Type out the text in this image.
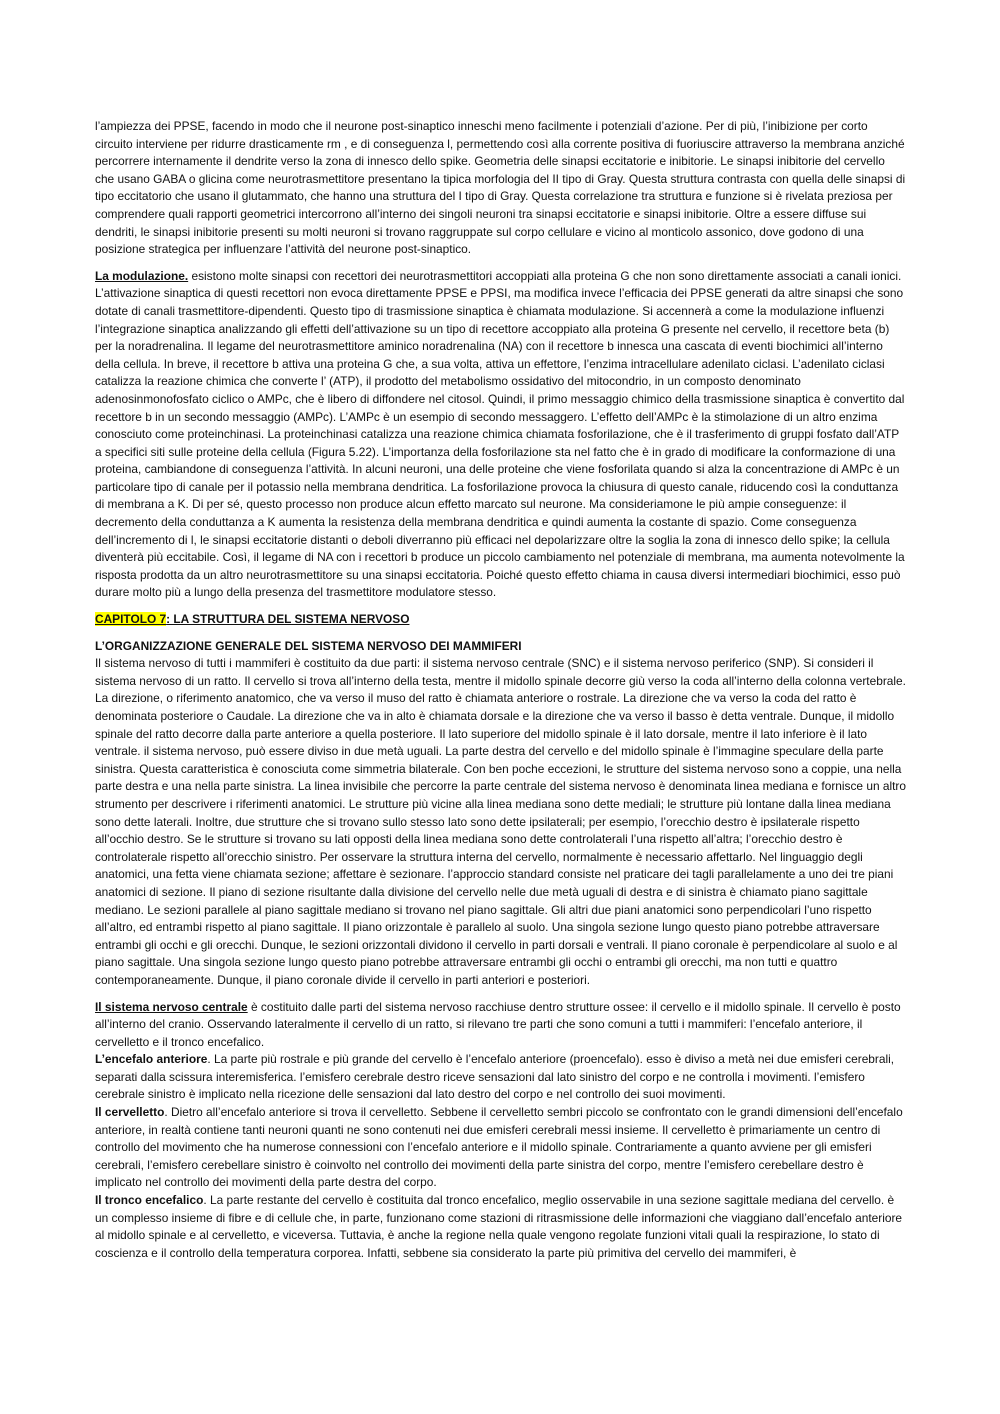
l’ampiezza dei PPSE, facendo in modo che il neurone post-sinaptico inneschi meno facilmente i potenziali d’azione. Per di più, l’inibizione per corto circuito interviene per ridurre drasticamente rm , e di conseguenza l, permettendo così alla corrente positiva di fuoriuscire attraverso la membrana anziché percorrere internamente il dendrite verso la zona di innesco dello spike. Geometria delle sinapsi eccitatorie e inibitorie. Le sinapsi inibitorie del cervello che usano GABA o glicina come neurotrasmettitore presentano la tipica morfologia del II tipo di Gray. Questa struttura contrasta con quella delle sinapsi di tipo eccitatorio che usano il glutammato, che hanno una struttura del I tipo di Gray. Questa correlazione tra struttura e funzione si è rivelata preziosa per comprendere quali rapporti geometrici intercorrono all’interno dei singoli neuroni tra sinapsi eccitatorie e sinapsi inibitorie. Oltre a essere diffuse sui dendriti, le sinapsi inibitorie presenti su molti neuroni si trovano raggruppate sul corpo cellulare e vicino al monticolo assonico, dove godono di una posizione strategica per influenzare l’attività del neurone post-sinaptico.

La modulazione. esistono molte sinapsi con recettori dei neurotrasmettitori accoppiati alla proteina G che non sono direttamente associati a canali ionici. L’attivazione sinaptica di questi recettori non evoca direttamente PPSE e PPSI, ma modifica invece l’efficacia dei PPSE generati da altre sinapsi che sono dotate di canali trasmettitore-dipendenti. Questo tipo di trasmissione sinaptica è chiamata modulazione. Si accennerà a come la modulazione influenzi l’integrazione sinaptica analizzando gli effetti dell’attivazione su un tipo di recettore accoppiato alla proteina G presente nel cervello, il recettore beta (b) per la noradrenalina. Il legame del neurotrasmettitore aminico noradrenalina (NA) con il recettore b innesca una cascata di eventi biochimici all’interno della cellula. In breve, il recettore b attiva una proteina G che, a sua volta, attiva un effettore, l’enzima intracellulare adenilato ciclasi. L’adenilato ciclasi catalizza la reazione chimica che converte l’ (ATP), il prodotto del metabolismo ossidativo del mitocondrio, in un composto denominato adenosinmonofosfato ciclico o AMPc, che è libero di diffondere nel citosol. Quindi, il primo messaggio chimico della trasmissione sinaptica è convertito dal recettore b in un secondo messaggio (AMPc). L’AMPc è un esempio di secondo messaggero. L’effetto dell’AMPc è la stimolazione di un altro enzima conosciuto come proteinchinasi. La proteinchinasi catalizza una reazione chimica chiamata fosforilazione, che è il trasferimento di gruppi fosfato dall’ATP a specifici siti sulle proteine della cellula (Figura 5.22). L’importanza della fosforilazione sta nel fatto che è in grado di modificare la conformazione di una proteina, cambiandone di conseguenza l’attività. In alcuni neuroni, una delle proteine che viene fosforilata quando si alza la concentrazione di AMPc è un particolare tipo di canale per il potassio nella membrana dendritica. La fosforilazione provoca la chiusura di questo canale, riducendo così la conduttanza di membrana a K. Di per sé, questo processo non produce alcun effetto marcato sul neurone. Ma consideriamone le più ampie conseguenze: il decremento della conduttanza a K aumenta la resistenza della membrana dendritica e quindi aumenta la costante di spazio. Come conseguenza dell’incremento di l, le sinapsi eccitatorie distanti o deboli diverranno più efficaci nel depolarizzare oltre la soglia la zona di innesco dello spike; la cellula diventerà più eccitabile. Così, il legame di NA con i recettori b produce un piccolo cambiamento nel potenziale di membrana, ma aumenta notevolmente la risposta prodotta da un altro neurotrasmettitore su una sinapsi eccitatoria. Poiché questo effetto chiama in causa diversi intermediari biochimici, esso può durare molto più a lungo della presenza del trasmettitore modulatore stesso.

CAPITOLO 7: LA STRUTTURA DEL SISTEMA NERVOSO

L’ORGANIZZAZIONE GENERALE DEL SISTEMA NERVOSO DEI MAMMIFERI

Il sistema nervoso di tutti i mammiferi è costituito da due parti: il sistema nervoso centrale (SNC) e il sistema nervoso periferico (SNP). Si consideri il sistema nervoso di un ratto. Il cervello si trova all’interno della testa, mentre il midollo spinale decorre giù verso la coda all’interno della colonna vertebrale. La direzione, o riferimento anatomico, che va verso il muso del ratto è chiamata anteriore o rostrale. La direzione che va verso la coda del ratto è denominata posteriore o Caudale. La direzione che va in alto è chiamata dorsale e la direzione che va verso il basso è detta ventrale. Dunque, il midollo spinale del ratto decorre dalla parte anteriore a quella posteriore. Il lato superiore del midollo spinale è il lato dorsale, mentre il lato inferiore è il lato ventrale. il sistema nervoso, può essere diviso in due metà uguali. La parte destra del cervello e del midollo spinale è l’immagine speculare della parte sinistra. Questa caratteristica è conosciuta come simmetria bilaterale. Con ben poche eccezioni, le strutture del sistema nervoso sono a coppie, una nella parte destra e una nella parte sinistra. La linea invisibile che percorre la parte centrale del sistema nervoso è denominata linea mediana e fornisce un altro strumento per descrivere i riferimenti anatomici. Le strutture più vicine alla linea mediana sono dette mediali; le strutture più lontane dalla linea mediana sono dette laterali. Inoltre, due strutture che si trovano sullo stesso lato sono dette ipsilaterali; per esempio, l’orecchio destro è ipsilaterale rispetto all’occhio destro. Se le strutture si trovano su lati opposti della linea mediana sono dette controlaterali l’una rispetto all’altra; l’orecchio destro è controlaterale rispetto all’orecchio sinistro. Per osservare la struttura interna del cervello, normalmente è necessario affettarlo. Nel linguaggio degli anatomici, una fetta viene chiamata sezione; affettare è sezionare. l’approccio standard consiste nel praticare dei tagli parallelamente a uno dei tre piani anatomici di sezione. Il piano di sezione risultante dalla divisione del cervello nelle due metà uguali di destra e di sinistra è chiamato piano sagittale mediano. Le sezioni parallele al piano sagittale mediano si trovano nel piano sagittale. Gli altri due piani anatomici sono perpendicolari l’uno rispetto all’altro, ed entrambi rispetto al piano sagittale. Il piano orizzontale è parallelo al suolo. Una singola sezione lungo questo piano potrebbe attraversare entrambi gli occhi e gli orecchi. Dunque, le sezioni orizzontali dividono il cervello in parti dorsali e ventrali. Il piano coronale è perpendicolare al suolo e al piano sagittale. Una singola sezione lungo questo piano potrebbe attraversare entrambi gli occhi o entrambi gli orecchi, ma non tutti e quattro contemporaneamente. Dunque, il piano coronale divide il cervello in parti anteriori e posteriori.

Il sistema nervoso centrale è costituito dalle parti del sistema nervoso racchiuse dentro strutture ossee: il cervello e il midollo spinale. Il cervello è posto all’interno del cranio. Osservando lateralmente il cervello di un ratto, si rilevano tre parti che sono comuni a tutti i mammiferi: l’encefalo anteriore, il cervelletto e il tronco encefalico.

L’encefalo anteriore. La parte più rostrale e più grande del cervello è l’encefalo anteriore (proencefalo). esso è diviso a metà nei due emisferi cerebrali, separati dalla scissura interemisferica. l’emisfero cerebrale destro riceve sensazioni dal lato sinistro del corpo e ne controlla i movimenti. l’emisfero cerebrale sinistro è implicato nella ricezione delle sensazioni dal lato destro del corpo e nel controllo dei suoi movimenti.

Il cervelletto. Dietro all’encefalo anteriore si trova il cervelletto. Sebbene il cervelletto sembri piccolo se confrontato con le grandi dimensioni dell’encefalo anteriore, in realtà contiene tanti neuroni quanti ne sono contenuti nei due emisferi cerebrali messi insieme. Il cervelletto è primariamente un centro di controllo del movimento che ha numerose connessioni con l’encefalo anteriore e il midollo spinale. Contrariamente a quanto avviene per gli emisferi cerebrali, l’emisfero cerebellare sinistro è coinvolto nel controllo dei movimenti della parte sinistra del corpo, mentre l’emisfero cerebellare destro è implicato nel controllo dei movimenti della parte destra del corpo.

Il tronco encefalico. La parte restante del cervello è costituita dal tronco encefalico, meglio osservabile in una sezione sagittale mediana del cervello. è un complesso insieme di fibre e di cellule che, in parte, funzionano come stazioni di ritrasmissione delle informazioni che viaggiano dall’encefalo anteriore al midollo spinale e al cervelletto, e viceversa. Tuttavia, è anche la regione nella quale vengono regolate funzioni vitali quali la respirazione, lo stato di coscienza e il controllo della temperatura corporea. Infatti, sebbene sia considerato la parte più primitiva del cervello dei mammiferi, è
